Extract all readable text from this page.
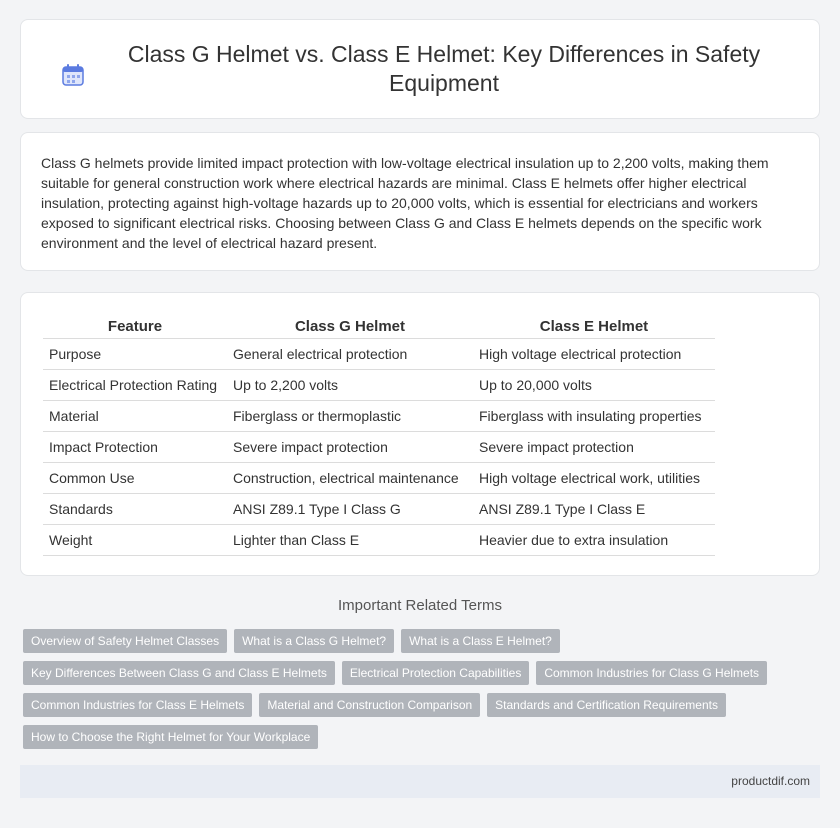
Class G Helmet vs. Class E Helmet: Key Differences in Safety Equipment

Class G helmets provide limited impact protection with low-voltage electrical insulation up to 2,200 volts, making them suitable for general construction work where electrical hazards are minimal. Class E helmets offer higher electrical insulation, protecting against high-voltage hazards up to 20,000 volts, which is essential for electricians and workers exposed to significant electrical risks. Choosing between Class G and Class E helmets depends on the specific work environment and the level of electrical hazard present.

Feature	Class G Helmet	Class E Helmet
Purpose	General electrical protection	High voltage electrical protection
Electrical Protection Rating	Up to 2,200 volts	Up to 20,000 volts
Material	Fiberglass or thermoplastic	Fiberglass with insulating properties
Impact Protection	Severe impact protection	Severe impact protection
Common Use	Construction, electrical maintenance	High voltage electrical work, utilities
Standards	ANSI Z89.1 Type I Class G	ANSI Z89.1 Type I Class E
Weight	Lighter than Class E	Heavier due to extra insulation
Important Related Terms
Overview of Safety Helmet Classes	What is a Class G Helmet?	What is a Class E Helmet?
Key Differences Between Class G and Class E Helmets	Electrical Protection Capabilities	Common Industries for Class G Helmets
Common Industries for Class E Helmets	Material and Construction Comparison	Standards and Certification Requirements
How to Choose the Right Helmet for Your Workplace
productdif.com
